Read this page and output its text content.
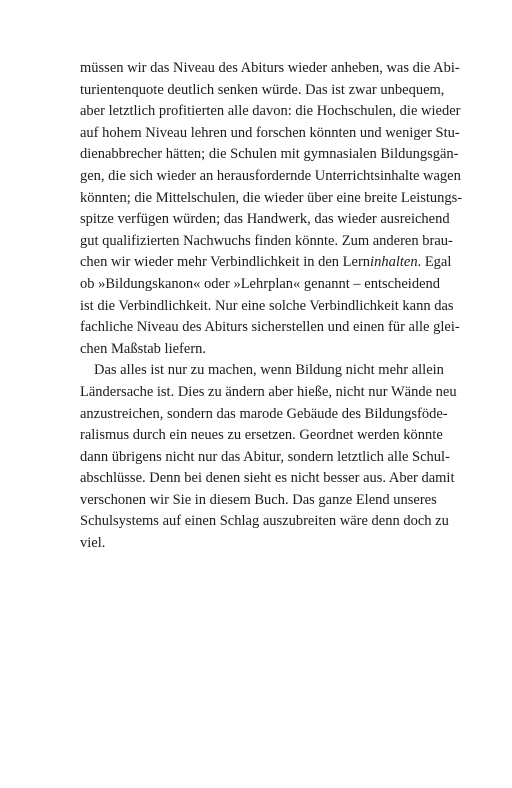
müssen wir das Niveau des Abiturs wieder anheben, was die Abi-
turientenquote deutlich senken würde. Das ist zwar unbequem,
aber letztlich profitierten alle davon: die Hochschulen, die wieder
auf hohem Niveau lehren und forschen könnten und weniger Stu-
dienabbrecher hätten; die Schulen mit gymnasialen Bildungsgän-
gen, die sich wieder an herausfordernde Unterrichtsinhalte wagen
könnten; die Mittelschulen, die wieder über eine breite Leistungs-
spitze verfügen würden; das Handwerk, das wieder ausreichend
gut qualifizierten Nachwuchs finden könnte. Zum anderen brau-
chen wir wieder mehr Verbindlichkeit in den Lerninhalten. Egal
ob »Bildungskanon« oder »Lehrplan« genannt – entscheidend
ist die Verbindlichkeit. Nur eine solche Verbindlichkeit kann das
fachliche Niveau des Abiturs sicherstellen und einen für alle glei-
chen Maßstab liefern.
Das alles ist nur zu machen, wenn Bildung nicht mehr allein
Ländersache ist. Dies zu ändern aber hieße, nicht nur Wände neu
anzustreichen, sondern das marode Gebäude des Bildungsföde-
ralismus durch ein neues zu ersetzen. Geordnet werden könnte
dann übrigens nicht nur das Abitur, sondern letztlich alle Schul-
abschlüsse. Denn bei denen sieht es nicht besser aus. Aber damit
verschonen wir Sie in diesem Buch. Das ganze Elend unseres
Schulsystems auf einen Schlag auszubreiten wäre denn doch zu
viel.
